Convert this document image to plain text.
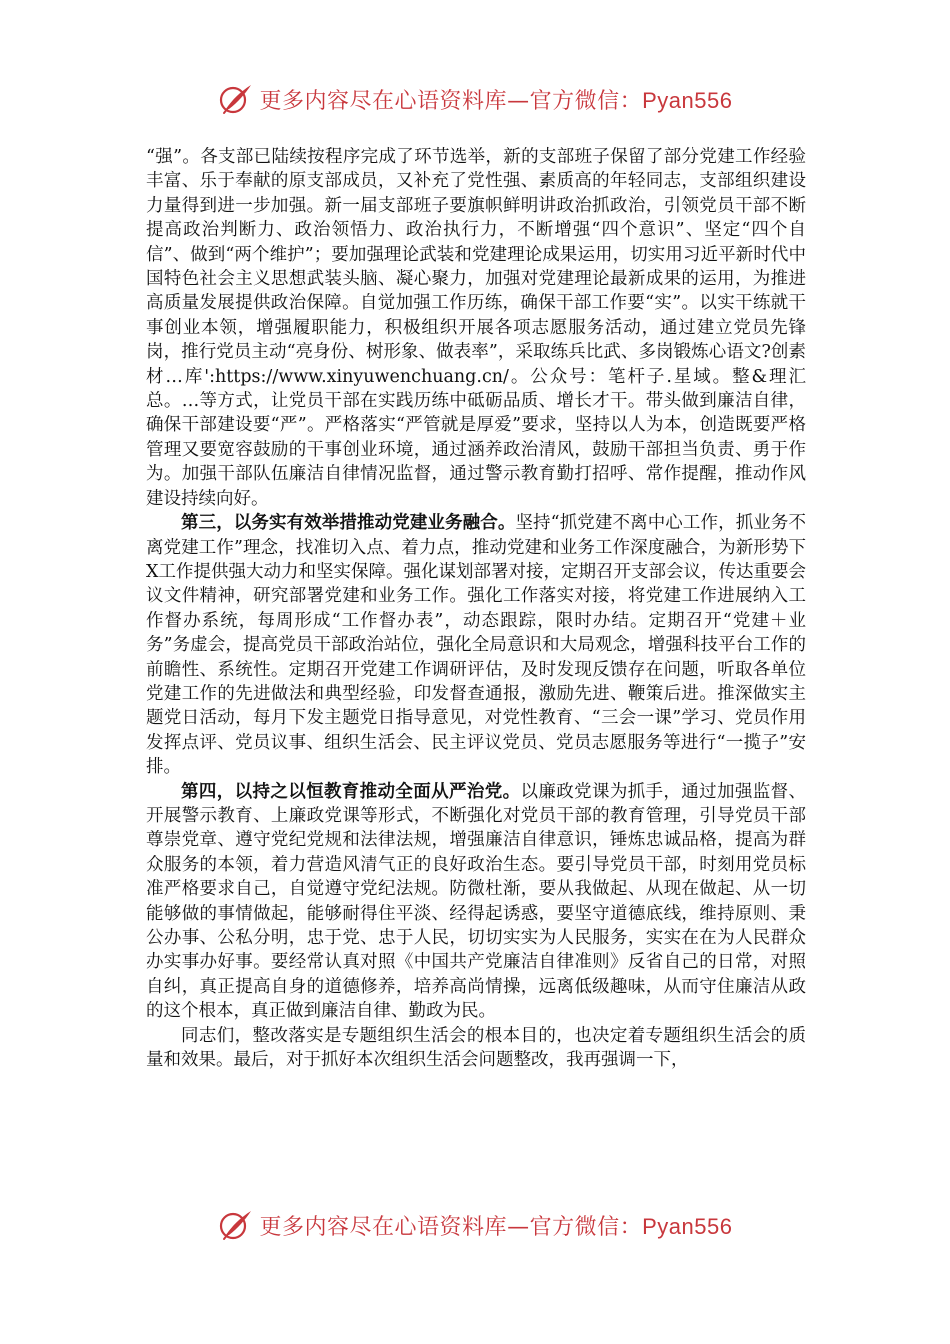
更多内容尽在心语资料库—官方微信：Pyan556

“强”。各支部已陆续按程序完成了环节选举，新的支部班子保留了部分党建工作经验丰富、乐于奉献的原支部成员，又补充了党性强、素质高的年轻同志，支部组织建设力量得到进一步加强。新一届支部班子要旗帜鲜明讲政治抓政治，引领党员干部不断提高政治判断力、政治领悟力、政治执行力，不断增强“四个意识”、坚定“四个自信”、做到“两个维护”；要加强理论武装和党建理论成果运用，切实用习近平新时代中国特色社会主义思想武装头脑、凝心聚力，加强对党建理论最新成果的运用，为推进高质量发展提供政治保障。自觉加强工作历练，确保干部工作要“实”。以实干练就干事创业本领，增强履职能力，积极组织开展各项志愿服务活动，通过建立党员先锋岗，推行党员主动“亮身份、树形象、做表率”，采取练兵比武、多岗锻炼心语文?创素材…库':https://www.xinyuwenchuang.cn/。公众号：笔杆子.星域。整&理汇总。…等方式，让党员干部在实践历练中砥砺品质、增长才干。带头做到廉洁自律，确保干部建设要“严”。严格落实“严管就是厚爱”要求，坚持以人为本，创造既要严格管理又要宽容鼓励的干事创业环境，通过涵养政治清风，鼓励干部担当负责、勇于作为。加强干部队伍廉洁自律情况监督，通过警示教育勤打招呼、常作提醒，推动作风建设持续向好。

第三，以务实有效举措推动党建业务融合。坚持“抓党建不离中心工作，抓业务不离党建工作”理念，找准切入点、着力点，推动党建和业务工作深度融合，为新形势下X工作提供强大动力和坚实保障。强化谋划部署对接，定期召开支部会议，传达重要会议文件精神，研究部署党建和业务工作。强化工作落实对接，将党建工作进展纳入工作督办系统，每周形成“工作督办表”，动态跟踪，限时办结。定期召开“党建＋业务”务虚会，提高党员干部政治站位，强化全局意识和大局观念，增强科技平台工作的前瞻性、系统性。定期召开党建工作调研评估，及时发现反馈存在问题，听取各单位党建工作的先进做法和典型经验，印发督查通报，激励先进、鞭策后进。推深做实主题党日活动，每月下发主题党日指导意见，对党性教育、“三会一课”学习、党员作用发挥点评、党员议事、组织生活会、民主评议党员、党员志愿服务等进行“一揽子”安排。

第四，以持之以恒教育推动全面从严治党。以廉政党课为抓手，通过加强监督、开展警示教育、上廉政党课等形式，不断强化对党员干部的教育管理，引导党员干部尊崇党章、遵守党纪党规和法律法规，增强廉洁自律意识，锤炼忠诚品格，提高为群众服务的本领，着力营造风清气正的良好政治生态。要引导党员干部，时刻用党员标准严格要求自己，自觉遵守党纪法规。防微杜渐，要从我做起、从现在做起、从一切能够做的事情做起，能够耐得住平淡、经得起诱惑，要坚守道德底线，维持原则、秉公办事、公私分明，忠于党、忠于人民，切切实实为人民服务，实实在在为人民群众办实事办好事。要经常认真对照《中国共产党廉洁自律准则》反省自己的日常，对照自纠，真正提高自身的道德修养，培养高尚情操，远离低级趣味，从而守住廉洁从政的这个根本，真正做到廉洁自律、勤政为民。

同志们，整改落实是专题组织生活会的根本目的，也决定着专题组织生活会的质量和效果。最后，对于抓好本次组织生活会问题整改，我再强调一下，

更多内容尽在心语资料库—官方微信：Pyan556
